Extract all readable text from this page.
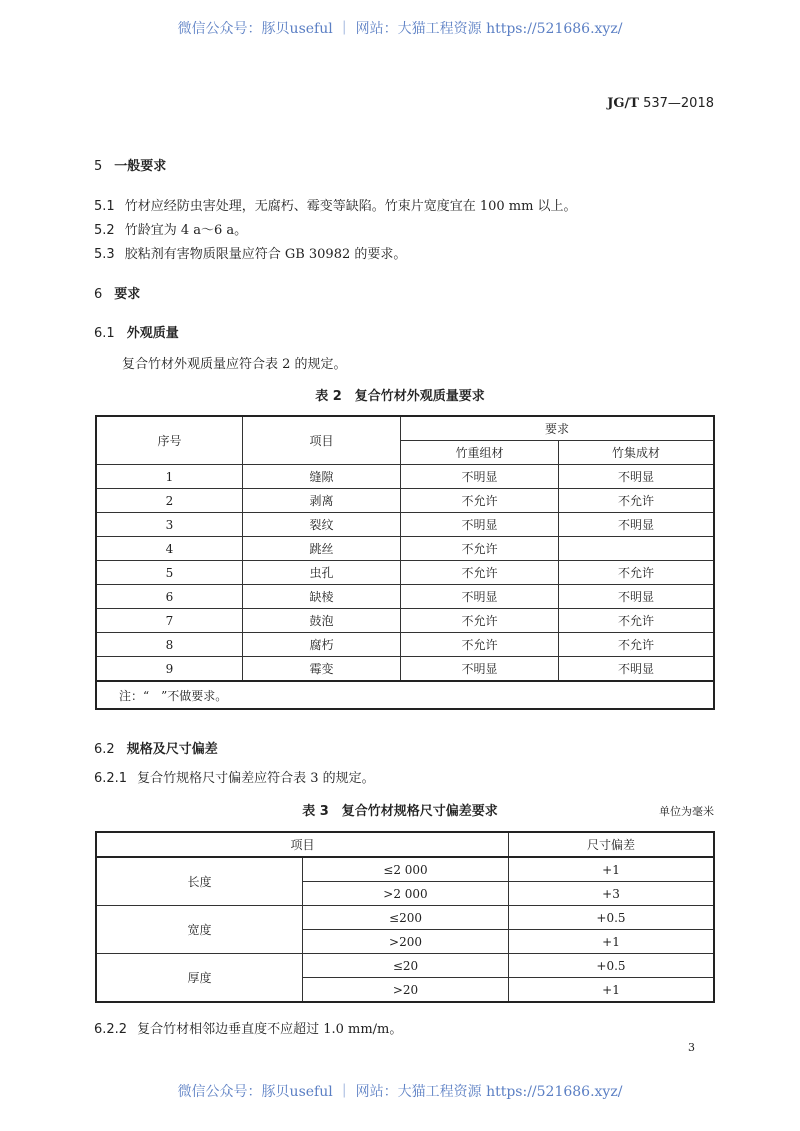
微信公众号：豚贝useful ｜ 网站：大猫工程资源 https://521686.xyz/
JG/T 537—2018
5 一般要求
5.1 竹材应经防虫害处理，无腐朽、霉变等缺陷。竹束片宽度宜在 100 mm 以上。
5.2 竹龄宜为 4 a～6 a。
5.3 胶粘剂有害物质限量应符合 GB 30982 的要求。
6 要求
6.1 外观质量
复合竹材外观质量应符合表 2 的规定。
表 2　复合竹材外观质量要求
序号	项目	要求	
		竹重组材	竹集成材
1	缝隙	不明显	不明显
2	剥离	不允许	不允许
3	裂纹	不明显	不明显
4	跳丝	不允许	
5	虫孔	不允许	不允许
6	缺棱	不明显	不明显
7	鼓泡	不允许	不允许
8	腐朽	不允许	不允许
9	霉变	不明显	不明显
注：“　”不做要求。			
6.2 规格及尺寸偏差
6.2.1 复合竹规格尺寸偏差应符合表 3 的规定。
表 3　复合竹材规格尺寸偏差要求	单位为毫米
项目		尺寸偏差
长度	≤2 000	+1
	>2 000	+3
宽度	≤200	+0.5
	>200	+1
厚度	≤20	+0.5
	>20	+1
6.2.2 复合竹材相邻边垂直度不应超过 1.0 mm/m。
3
微信公众号：豚贝useful ｜ 网站：大猫工程资源 https://521686.xyz/
